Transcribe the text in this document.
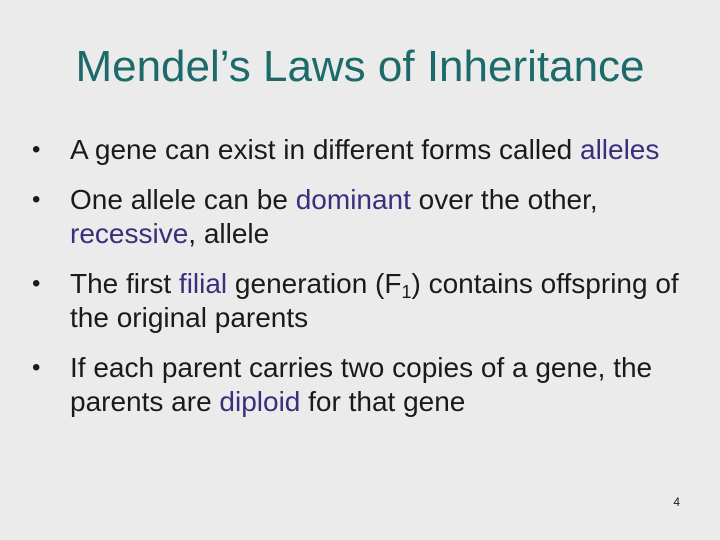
Mendel’s Laws of Inheritance
• A gene can exist in different forms called alleles
• One allele can be dominant over the other, recessive, allele
• The first filial generation $(F_1)$ contains offspring of the original parents
• If each parent carries two copies of a gene, the parents are diploid for that gene
4
